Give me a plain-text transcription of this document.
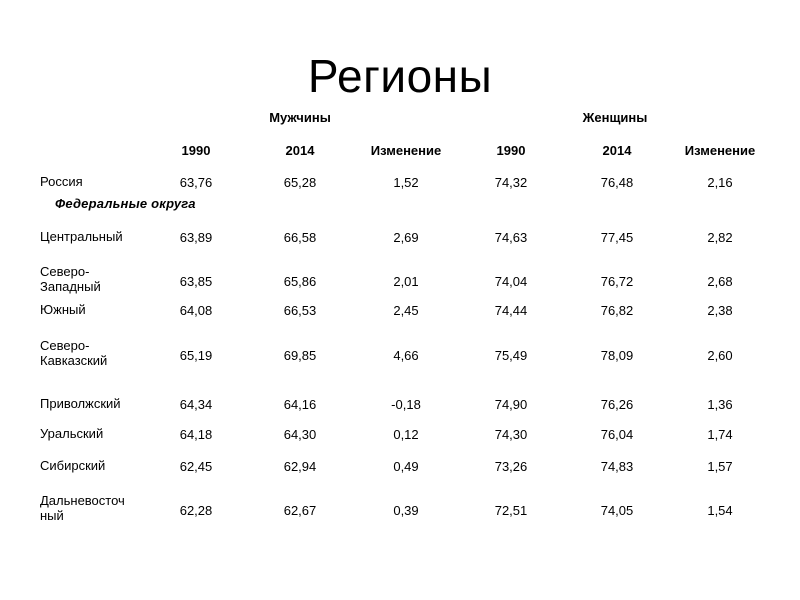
Регионы
Мужчины	Женщины
1990	2014	Изменение	1990	2014	Изменение
Федеральные округа
Россия	63,76	65,28	1,52	74,32	76,48	2,16
Центральный	63,89	66,58	2,69	74,63	77,45	2,82
Северо-
Западный	63,85	65,86	2,01	74,04	76,72	2,68
Южный	64,08	66,53	2,45	74,44	76,82	2,38
Северо-
Кавказский	65,19	69,85	4,66	75,49	78,09	2,60
Приволжский	64,34	64,16	-0,18	74,90	76,26	1,36
Уральский	64,18	64,30	0,12	74,30	76,04	1,74
Сибирский	62,45	62,94	0,49	73,26	74,83	1,57
Дальневосточ
ный	62,28	62,67	0,39	72,51	74,05	1,54
